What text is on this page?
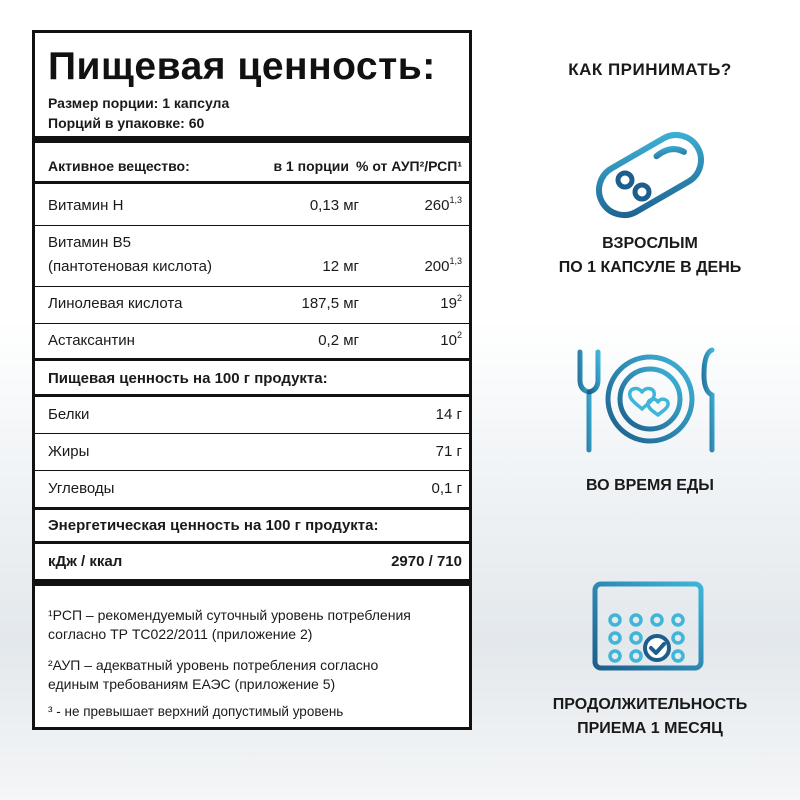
Пищевая ценность:
Размер порции: 1 капсула
Порций в упаковке: 60
Активное вещество:	в 1 порции % от АУП²/РСП¹
Витамин Н	0,13 мг	260$^{1,3}$
Витамин В5
(пантотеновая кислота)	12 мг	200$^{1,3}$
Линолевая кислота	187,5 мг	$19^2$
Астаксантин	0,2 мг	$10^2$
Пищевая ценность на 100 г продукта:
Белки	14 г
Жиры	71 г
Углеводы	0,1 г
Энергетическая ценность на 100 г продукта:
кДж / ккал	2970 / 710
¹РСП – рекомендуемый суточный уровень потребления
согласно ТР ТС022/2011 (приложение 2)
²АУП – адекватный уровень потребления согласно
единым требованиям ЕАЭС (приложение 5)
³ - не превышает верхний допустимый уровень
КАК ПРИНИМАТЬ?
ВЗРОСЛЫМ
ПО 1 КАПСУЛЕ В ДЕНЬ
ВО ВРЕМЯ ЕДЫ
ПРОДОЛЖИТЕЛЬНОСТЬ
ПРИЕМА 1 МЕСЯЦ
